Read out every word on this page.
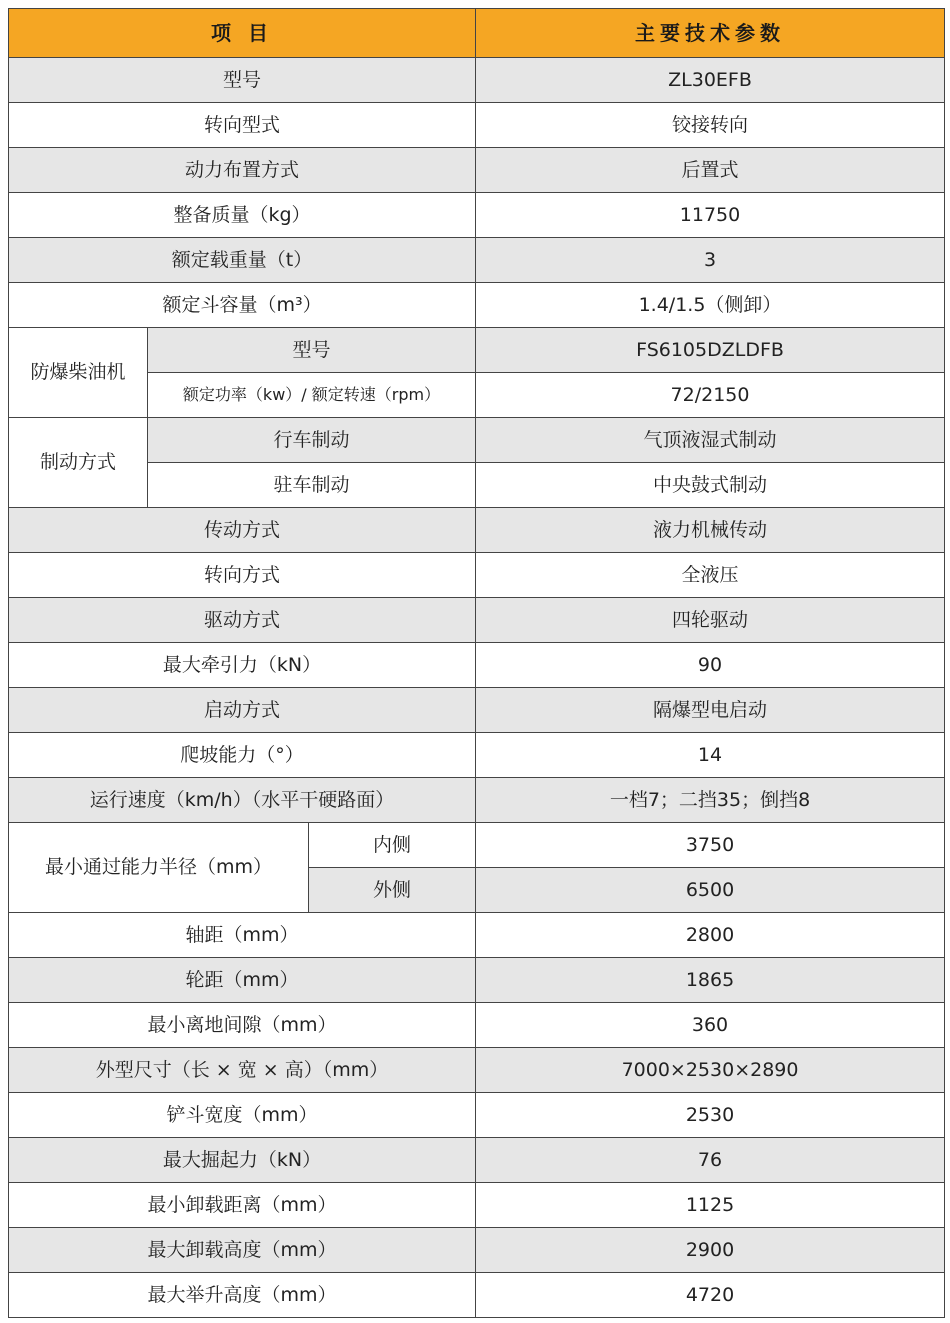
项 目			主要技术参数
型号			ZL30EFB
转向型式			铰接转向
动力布置方式			后置式
整备质量（kg）			11750
额定载重量（t）			3
额定斗容量（m³）			1.4/1.5（侧卸）
防爆柴油机	型号		FS6105DZLDFB
	额定功率（kw）/ 额定转速（rpm）		72/2150
制动方式	行车制动		气顶液湿式制动
	驻车制动		中央鼓式制动
传动方式			液力机械传动
转向方式			全液压
驱动方式			四轮驱动
最大牵引力（kN）			90
启动方式			隔爆型电启动
爬坡能力（°）			14
运行速度（km/h）（水平干硬路面）			一档7；二挡35；倒挡8
最小通过能力半径（mm）		内侧	3750
		外侧	6500
轴距（mm）			2800
轮距（mm）			1865
最小离地间隙（mm）			360
外型尺寸（长 × 宽 × 高）（mm）			7000×2530×2890
铲斗宽度（mm）			2530
最大掘起力（kN）			76
最小卸载距离（mm）			1125
最大卸载高度（mm）			2900
最大举升高度（mm）			4720
